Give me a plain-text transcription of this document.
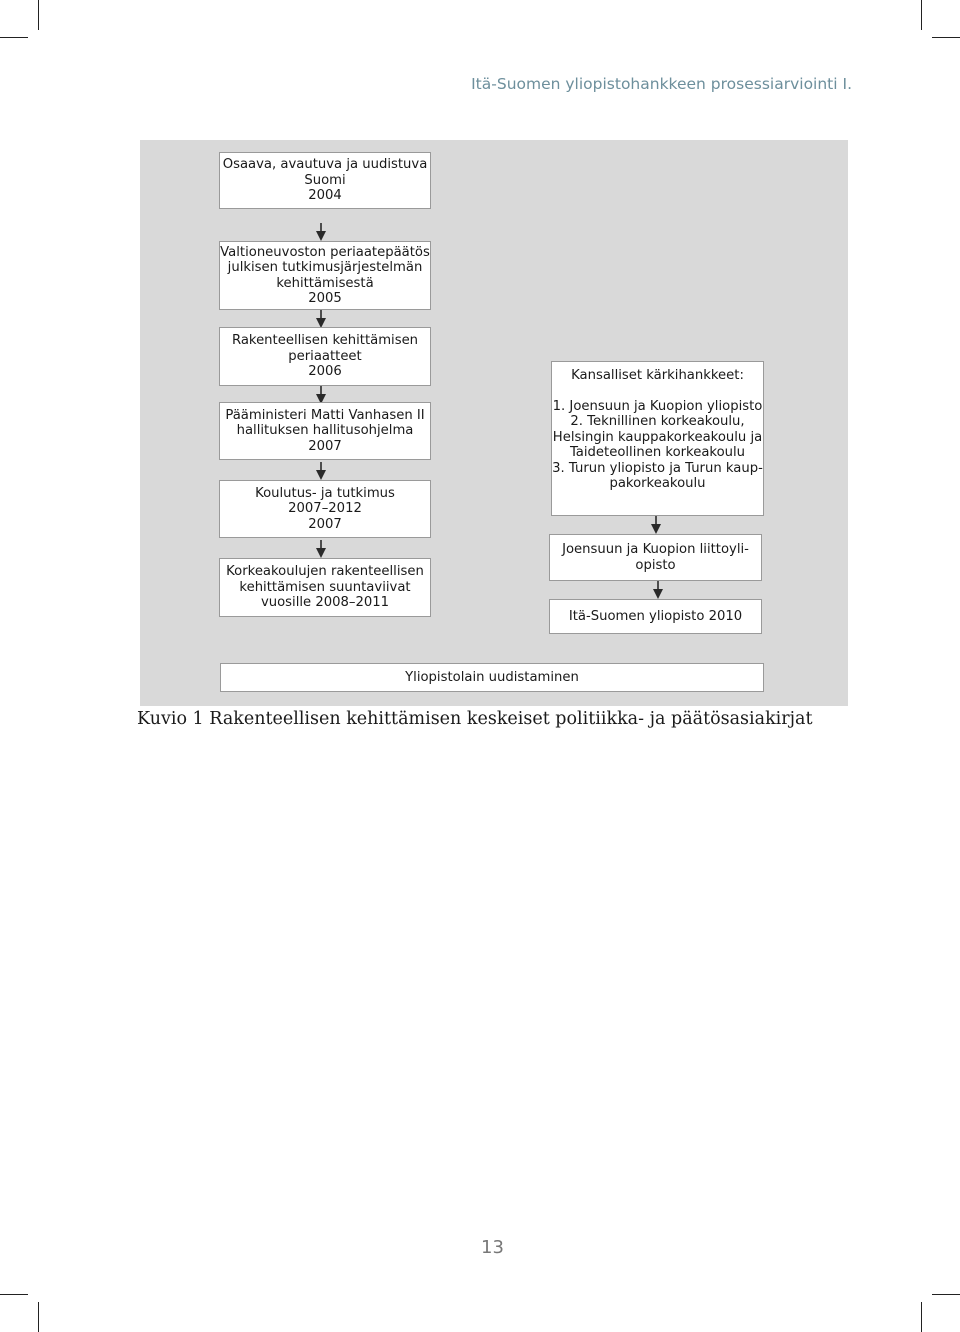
Itä-Suomen yliopistohankkeen prosessiarviointi I.
Osaava, avautuva ja uudistuva
Suomi
2004
Valtioneuvoston periaatepäätös
julkisen tutkimusjärjestelmän
kehittämisestä
2005
Rakenteellisen kehittämisen
periaatteet
2006
Pääministeri Matti Vanhasen II
hallituksen hallitusohjelma
2007
Koulutus- ja tutkimus
2007–2012
2007
Korkeakoulujen rakenteellisen
kehittämisen suuntaviivat
vuosille 2008–2011
Kansalliset kärkihankkeet:
1. Joensuun ja Kuopion yliopisto
2. Teknillinen korkeakoulu,
Helsingin kauppakorkeakoulu ja
Taideteollinen korkeakoulu
3. Turun yliopisto ja Turun kaup-
pakorkeakoulu
Joensuun ja Kuopion liittoyli-
opisto
Itä-Suomen yliopisto 2010
Yliopistolain uudistaminen
Kuvio 1 Rakenteellisen kehittämisen keskeiset politiikka- ja päätösasiakirjat
13
